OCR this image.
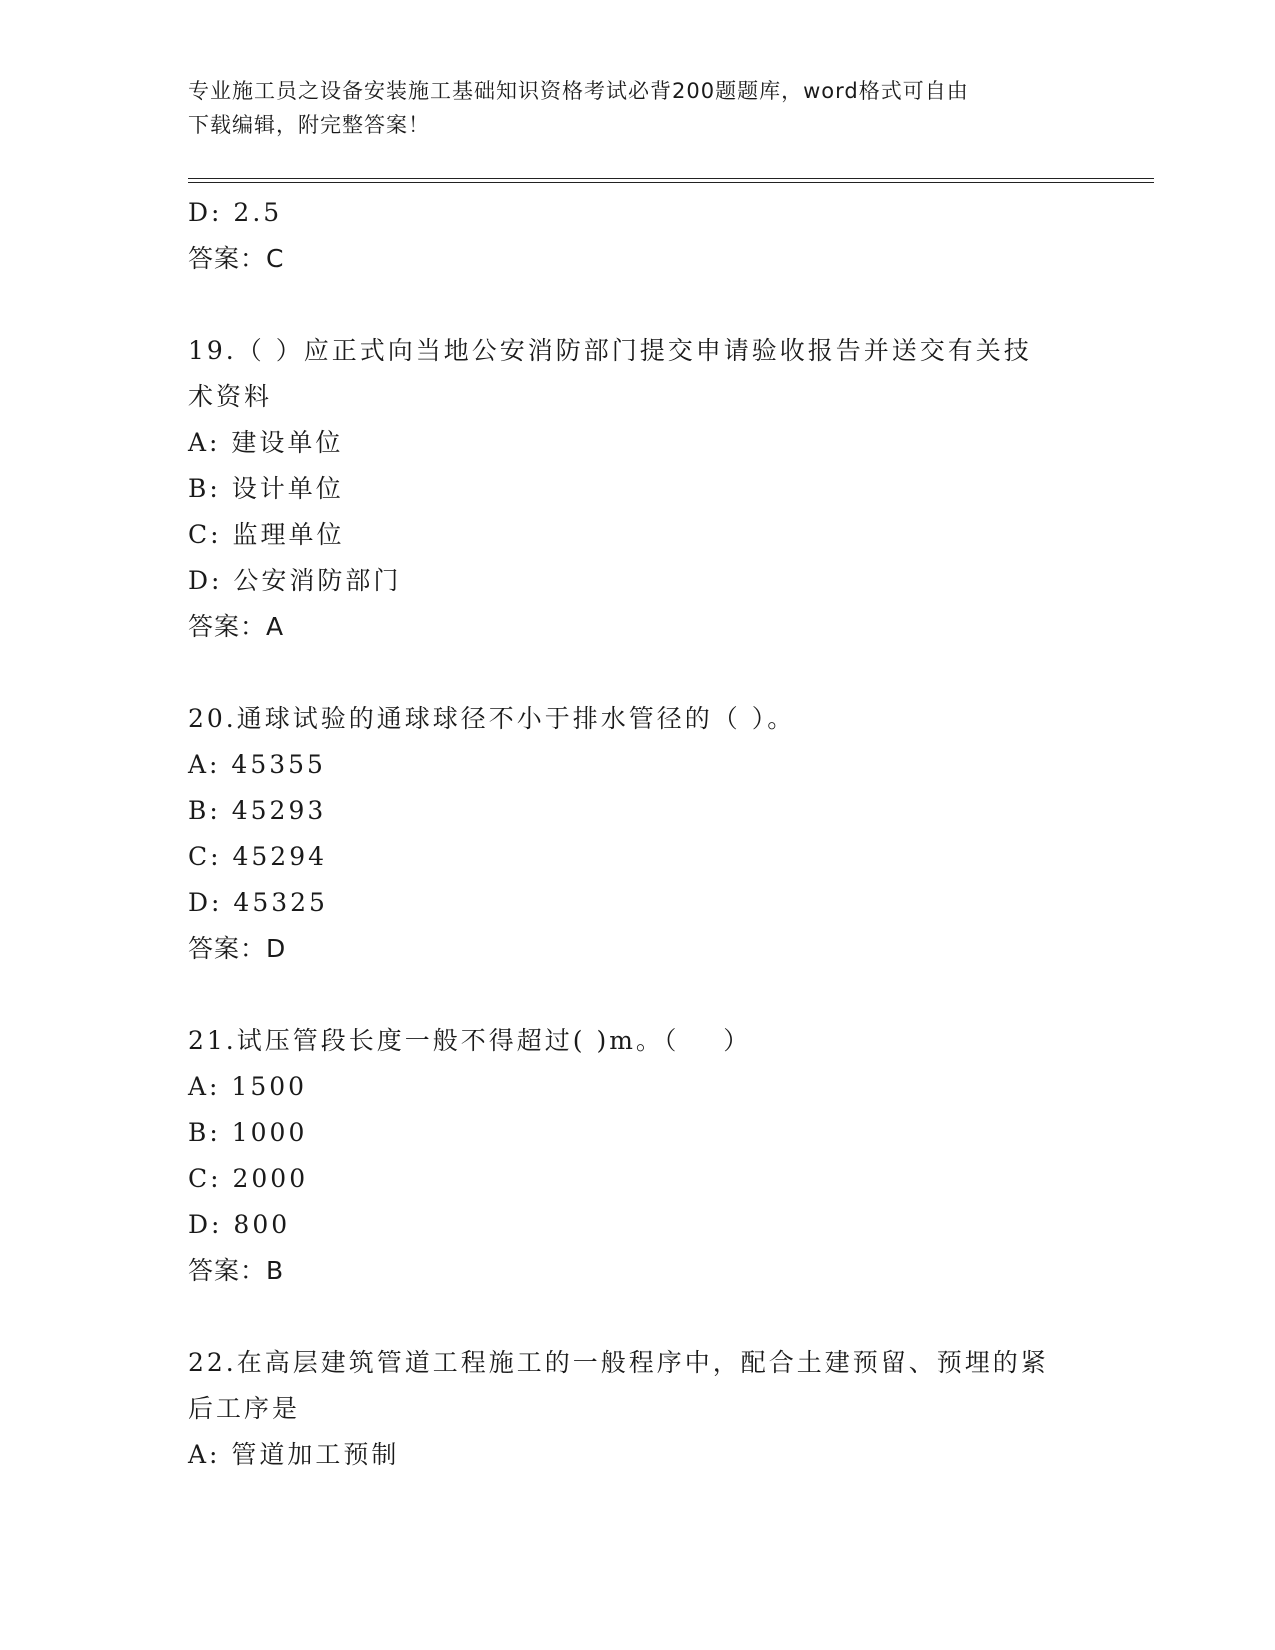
专业施工员之设备安装施工基础知识资格考试必背200题题库，word格式可自由
下载编辑，附完整答案！
D: 2.5
答案：C
19.（ ）应正式向当地公安消防部门提交申请验收报告并送交有关技
术资料
A: 建设单位
B: 设计单位
C: 监理单位
D: 公安消防部门
答案：A
20.通球试验的通球球径不小于排水管径的（ ）。
A: 45355
B: 45293
C: 45294
D: 45325
答案：D
21.试压管段长度一般不得超过( )m。（    ）
A: 1500
B: 1000
C: 2000
D: 800
答案：B
22.在高层建筑管道工程施工的一般程序中，配合土建预留、预埋的紧
后工序是
A: 管道加工预制
